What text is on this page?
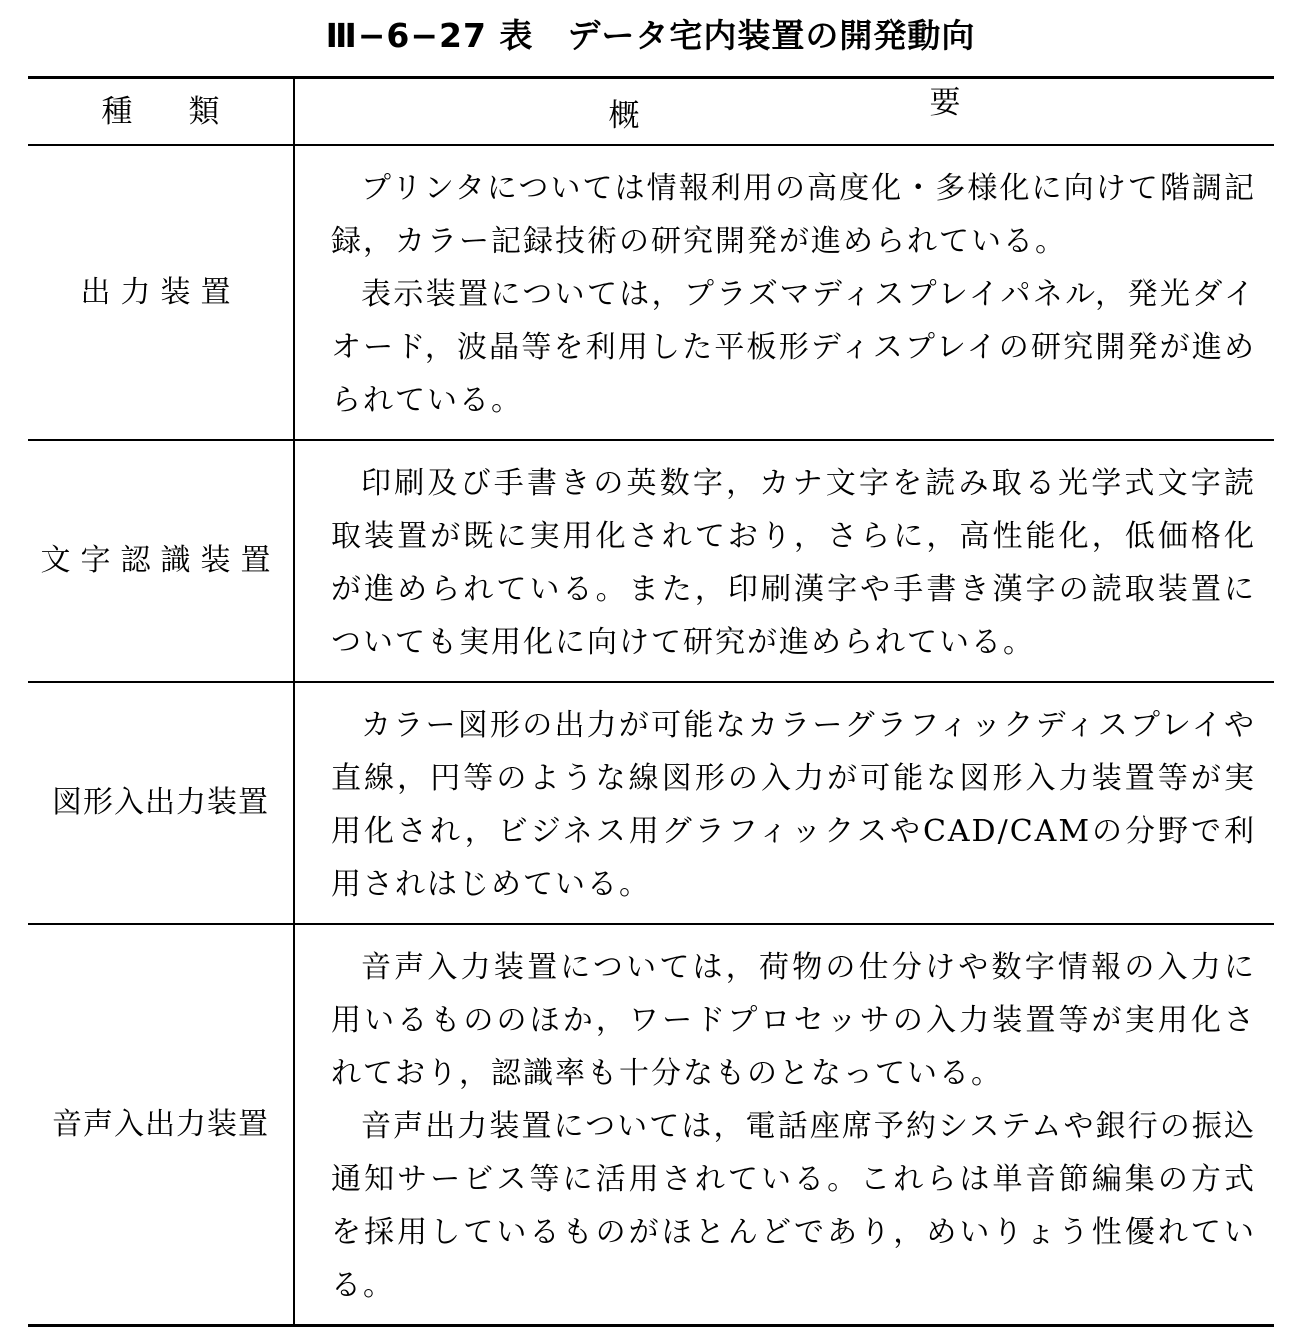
Ⅲ−6−27 表　データ宅内装置の開発動向
種 類	概 要
出力装置	プリンタについては情報利用の高度化・多様化に向けて階調記録，カラー記録技術の研究開発が進められている。

表示装置については，プラズマディスプレイパネル，発光ダイオード，波晶等を利用した平板形ディスプレイの研究開発が進められている。

文字認識装置	印刷及び手書きの英数字，カナ文字を読み取る光学式文字読取装置が既に実用化されており，さらに，高性能化，低価格化が進められている。また，印刷漢字や手書き漢字の読取装置についても実用化に向けて研究が進められている。

図形入出力装置	カラー図形の出力が可能なカラーグラフィックディスプレイや直線，円等のような線図形の入力が可能な図形入力装置等が実用化され，ビジネス用グラフィックスやCAD/CAMの分野で利用されはじめている。

音声入出力装置	音声入力装置については，荷物の仕分けや数字情報の入力に用いるもののほか，ワードプロセッサの入力装置等が実用化されており，認識率も十分なものとなっている。

音声出力装置については，電話座席予約システムや銀行の振込通知サービス等に活用されている。これらは単音節編集の方式を採用しているものがほとんどであり，めいりょう性優れている。
